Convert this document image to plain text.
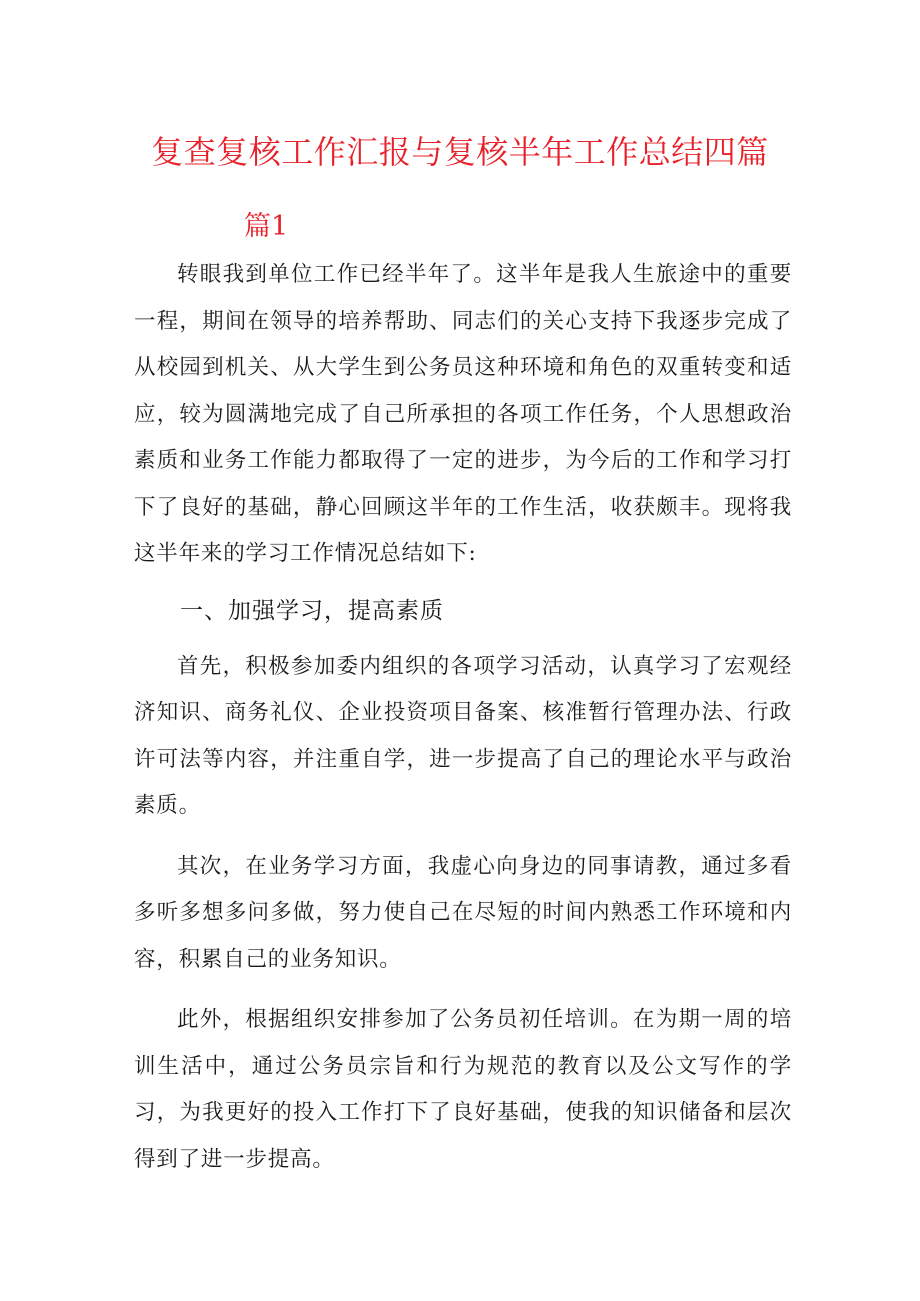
复查复核工作汇报与复核半年工作总结四篇
篇1

转眼我到单位工作已经半年了。这半年是我人生旅途中的重要一程，期间在领导的培养帮助、同志们的关心支持下我逐步完成了从校园到机关、从大学生到公务员这种环境和角色的双重转变和适应，较为圆满地完成了自己所承担的各项工作任务，个人思想政治素质和业务工作能力都取得了一定的进步，为今后的工作和学习打下了良好的基础，静心回顾这半年的工作生活，收获颇丰。现将我这半年来的学习工作情况总结如下:

一、加强学习，提高素质

首先，积极参加委内组织的各项学习活动，认真学习了宏观经济知识、商务礼仪、企业投资项目备案、核准暂行管理办法、行政许可法等内容，并注重自学，进一步提高了自己的理论水平与政治素质。

其次，在业务学习方面，我虚心向身边的同事请教，通过多看多听多想多问多做，努力使自己在尽短的时间内熟悉工作环境和内容，积累自己的业务知识。

此外，根据组织安排参加了公务员初任培训。在为期一周的培训生活中，通过公务员宗旨和行为规范的教育以及公文写作的学习，为我更好的投入工作打下了良好基础，使我的知识储备和层次得到了进一步提高。
